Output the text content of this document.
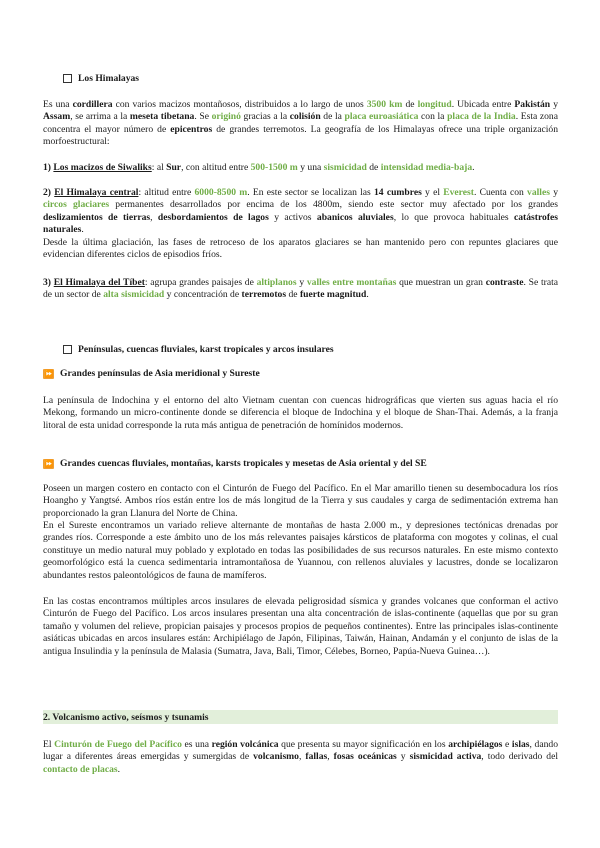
Los Himalayas

Es una cordillera con varios macizos montañosos, distribuidos a lo largo de unos 3500 km de longitud. Ubicada entre Pakistán y Assam, se arrima a la meseta tibetana. Se originó gracias a la colisión de la placa euroasiática con la placa de la India. Esta zona concentra el mayor número de epicentros de grandes terremotos. La geografía de los Himalayas ofrece una triple organización morfoestructural:

1) Los macizos de Siwaliks: al Sur, con altitud entre 500-1500 m y una sismicidad de intensidad media-baja.

2) El Himalaya central: altitud entre 6000-8500 m. En este sector se localizan las 14 cumbres y el Everest. Cuenta con valles y circos glaciares permanentes desarrollados por encima de los 4800m, siendo este sector muy afectado por los grandes deslizamientos de tierras, desbordamientos de lagos y activos abanicos aluviales, lo que provoca habituales catástrofes naturales.

Desde la última glaciación, las fases de retroceso de los aparatos glaciares se han mantenido pero con repuntes glaciares que evidencian diferentes ciclos de episodios fríos.

3) El Himalaya del Tíbet: agrupa grandes paisajes de altiplanos y valles entre montañas que muestran un gran contraste. Se trata de un sector de alta sismicidad y concentración de terremotos de fuerte magnitud.

Penínsulas, cuencas fluviales, karst tropicales y arcos insulares
⏩ Grandes penínsulas de Asia meridional y Sureste

La península de Indochina y el entorno del alto Vietnam cuentan con cuencas hidrográficas que vierten sus aguas hacia el río Mekong, formando un micro-continente donde se diferencia el bloque de Indochina y el bloque de Shan-Thai. Además, a la franja litoral de esta unidad corresponde la ruta más antigua de penetración de homínidos modernos.

⏩ Grandes cuencas fluviales, montañas, karsts tropicales y mesetas de Asia oriental y del SE

Poseen un margen costero en contacto con el Cinturón de Fuego del Pacífico. En el Mar amarillo tienen su desembocadura los ríos Hoangho y Yangtsé. Ambos ríos están entre los de más longitud de la Tierra y sus caudales y carga de sedimentación extrema han proporcionado la gran Llanura del Norte de China.

En el Sureste encontramos un variado relieve alternante de montañas de hasta 2.000 m., y depresiones tectónicas drenadas por grandes ríos. Corresponde a este ámbito uno de los más relevantes paisajes kársticos de plataforma con mogotes y colinas, el cual constituye un medio natural muy poblado y explotado en todas las posibilidades de sus recursos naturales. En este mismo contexto geomorfológico está la cuenca sedimentaria intramontañosa de Yuannou, con rellenos aluviales y lacustres, donde se localizaron abundantes restos paleontológicos de fauna de mamíferos.

En las costas encontramos múltiples arcos insulares de elevada peligrosidad sísmica y grandes volcanes que conforman el activo Cinturón de Fuego del Pacífico. Los arcos insulares presentan una alta concentración de islas-continente (aquellas que por su gran tamaño y volumen del relieve, propician paisajes y procesos propios de pequeños continentes). Entre las principales islas-continente asiáticas ubicadas en arcos insulares están: Archipiélago de Japón, Filipinas, Taiwán, Hainan, Andamán y el conjunto de islas de la antigua Insulindia y la península de Malasia (Sumatra, Java, Bali, Timor, Célebes, Borneo, Papúa-Nueva Guinea…).

2. Volcanismo activo, seísmos y tsunamis

El Cinturón de Fuego del Pacífico es una región volcánica que presenta su mayor significación en los archipiélagos e islas, dando lugar a diferentes áreas emergidas y sumergidas de volcanismo, fallas, fosas oceánicas y sismicidad activa, todo derivado del contacto de placas.
